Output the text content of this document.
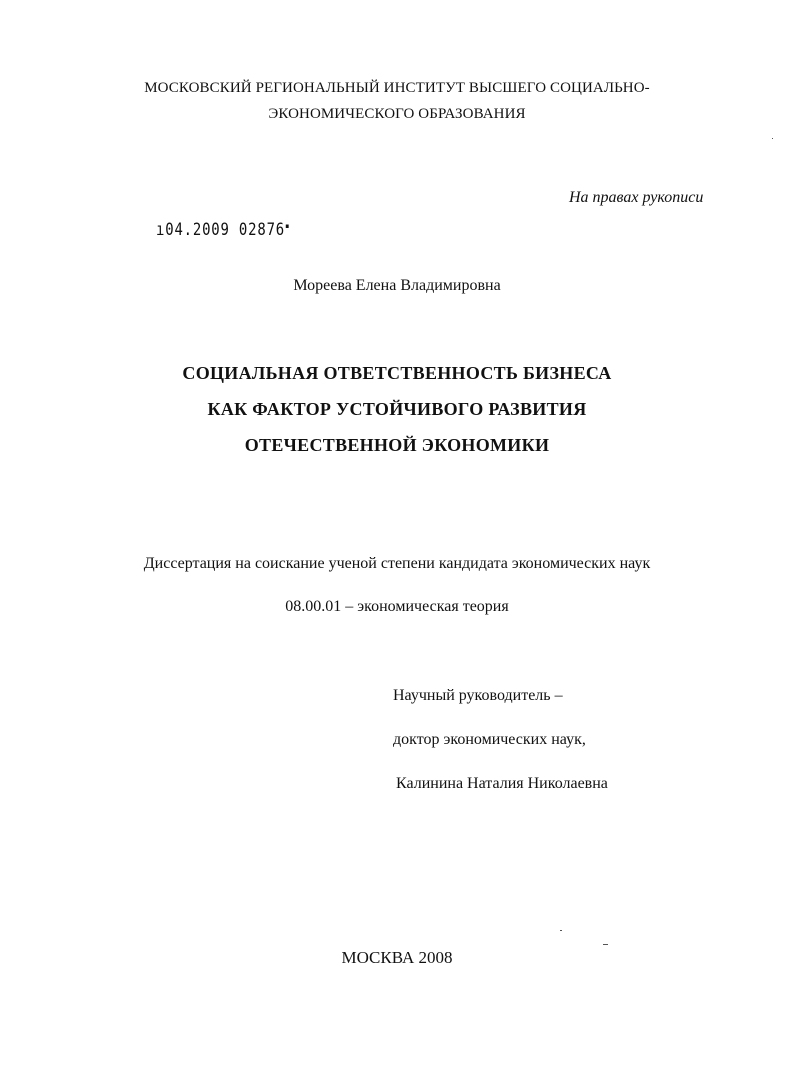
МОСКОВСКИЙ РЕГИОНАЛЬНЫЙ ИНСТИТУТ ВЫСШЕГО СОЦИАЛЬНО-
ЭКОНОМИЧЕСКОГО ОБРАЗОВАНИЯ
На правах рукописи
ı04.2009 02876▪
Мореева Елена Владимировна
СОЦИАЛЬНАЯ ОТВЕТСТВЕННОСТЬ БИЗНЕСА
КАК ФАКТОР УСТОЙЧИВОГО РАЗВИТИЯ
ОТЕЧЕСТВЕННОЙ ЭКОНОМИКИ
Диссертация на соискание ученой степени кандидата экономических наук
08.00.01 – экономическая теория
Научный руководитель –
доктор экономических наук,
Калинина Наталия Николаевна
МОСКВА 2008
